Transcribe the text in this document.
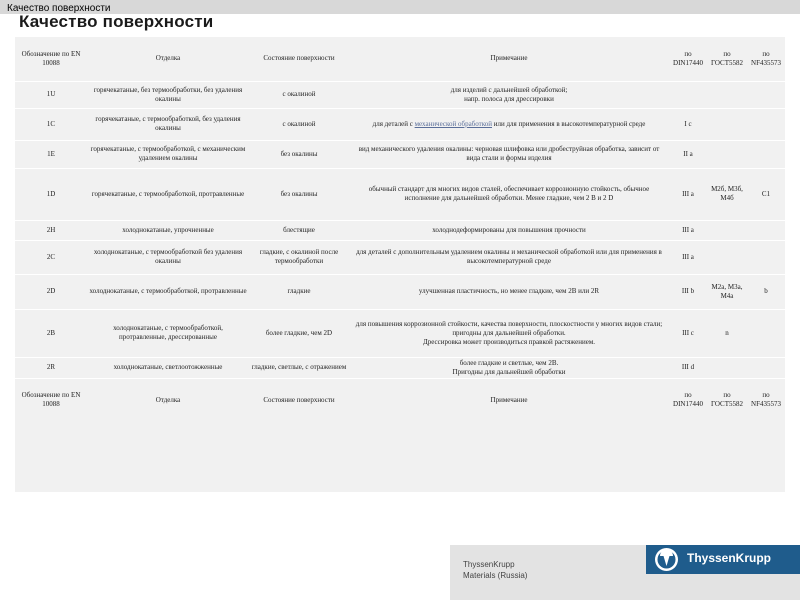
Качество поверхности
Качество поверхности
Обозначение по EN 10088	Отделка	Состояние поверхности	Примечание	по DIN17440	по ГОСТ5582	по NF435573
1U	горячекатаные, без термообработки, без удаления окалины	с окалиной	для изделий с дальнейшей обработкой;
напр. полоса для дрессировки			
1C	горячекатаные, с термообработкой, без удаления окалины	с окалиной	для деталей с механической обработкой или для применения в высокотемпературной среде	I c		
1E	горячекатаные, с термообработкой, с механическим удалением окалины	без окалины	вид механического удаления окалины: черновая шлифовка или дробеструйная обработка, зависит от вида стали и формы изделия	II a		
1D	горячекатаные, с термообработкой, протравленные	без окалины	обычный стандарт для многих видов сталей, обеспечивает коррозионную стойкость, обычное исполнение для дальнейшей обработки. Менее гладкие, чем 2 B и 2 D	III a	М2б, М3б, М4б	C1
2H	холоднокатаные, упрочненные	блестящие	холоднодеформированы для повышения прочности	III a		
2C	холоднокатаные, с термообработкой без удаления окалины	гладкие, с окалиной после термообработки	для деталей с дополнительным удалением окалины и механической обработкой или для применения в высокотемпературной среде	III a		
2D	холоднокатаные, с термообработкой, протравленные	гладкие	улучшенная пластичность, но менее гладкие, чем 2В или 2R	III b	М2а, М3а, М4а	b
2B	холоднокатаные, с термообработкой, протравленные, дрессированные	более гладкие, чем 2D	для повышения коррозионной стойкости, качества поверхности, плоскостности у многих видов стали;
пригодны для дальнейшей обработки.
Дрессировка может производиться правкой растяжением.	III c	n	
2R	холоднокатаные, светлоотожженные	гладкие, светлые, с отражением	более гладкие и светлые, чем 2B.
Пригодны для дальнейшей обработки	III d		
Обозначение по EN 10088	Отделка	Состояние поверхности	Примечание	по DIN17440	по ГОСТ5582	по NF435573
ThyssenKrupp
Materials (Russia)
ThyssenKrupp
